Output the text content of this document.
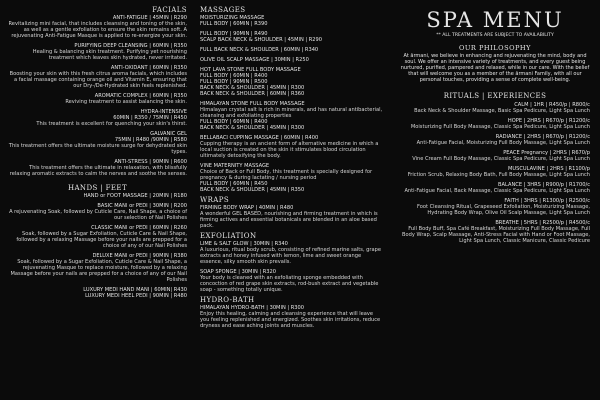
FACIALS
ANTI-FATIGUE | 45MIN | R290
Revitalizing mini facial, that includes cleansing and toning of the skin, as well as a gentle exfoliation to ensure the skin remains soft. A rejuvenating Anti-Fatigue Masque is applied to re-energize your skin.
PURIFYING DEEP CLEANSING | 60MIN | R350
Healing & balancing skin treatment. Purifying yet nourishing treatment which leaves skin hydrated, never irritated.
ANTI-OXIDANT | 60MIN | R350
Boosting your skin with this fresh citrus aroma facials, which includes a facial massage containing orange oil and Vitamin E, ensuring that our Dry-/De-Hydrated skin feels replenished.
AROMATIC COMPLEX | 60MIN | R350
Reviving treatment to assist balancing the skin.
HYDRA-INTENSIVE
60MIN | R350 / 75MIN | R450
This treatment is excellent for quenching your skin's thirst.
GALVANIC GEL
75MIN | R480 /90MIN | R580
This treatment offers the ultimate moisture surge for dehydrated skin types.
ANTI-STRESS | 90MIN | R600
This treatment offers the ultimate in relaxation, with blissfully relaxing aromatic extracts to calm the nerves and soothe the senses.
HANDS | FEET
HAND or FOOT MASSAGE | 20MIN | R180
BASIC MANI or PEDI | 30MIN | R200
A rejuvenating Soak, followed by Cuticle Care, Nail Shape, a choice of our selection of Nail Polishes
CLASSIC MANI or PEDI | 60MIN | R260
Soak, followed by a Sugar Exfoliation, Cuticle Care & Nail Shape, followed by a relaxing Massage before your nails are prepped for a choice of any of our Nail Polishes
DELUXE MANI or PEDI | 90MIN | R380
Soak, followed by a Sugar Exfoliation, Cuticle Care & Nail Shape, a rejuvenating Masque to replace moisture, followed by a relaxing Massage before your nails are prepped for a choice of any of our Nail Polishes
LUXURY MEDI HAND MANI | 60MIN| R430
LUXURY MEDI HEEL PEDI | 90MIN | R480
MASSAGES
MOISTURIZING MASSAGE
FULL BODY | 60MIN | R390
FULL BODY | 90MIN | R490
SCALP BACK NECK & SHOULDER | 45MIN | R290
FULL BACK NECK & SHOULDER | 60MIN | R340
OLIVE OIL SCALP MASSAGE | 30MIN | R250
HOT LAVA STONE FULL BODY MASSAGE
FULL BODY | 60MIN | R400
FULL BODY | 90MIN | R500
BACK NECK & SHOULDER | 45MIN | R300
BACK NECK & SHOULDER | 60MIN | R360
HIMALAYAN STONE FULL BODY MASSAGE
Himalayan crystal salt is rich in minerals, and has natural antibacterial, cleansing and exfoliating properties
FULL BODY | 60MIN | R400
BACK NECK & SHOULDER | 45MIN | R300
BELLABACI CUPPING MASSAGE | 60MIN | R400
Cupping therapy is an ancient form of alternative medicine in which a local suction is created on the skin it stimulates blood circulation ultimately detoxifying the body.
VINE MATERNITY MASSAGE
Choice of Back or Full Body, this treatment is specially designed for pregnancy & during lactating / nursing period
FULL BODY | 60MIN | R450
BACK NECK & SHOULDER | 45MIN | R350
WRAPS
FIRMING BODY WRAP | 40MIN | R480
A wonderful GEL BASED, nourishing and firming treatment in which is firming actives and essential botanicals are blended in an aloe based pack.
EXFOLIATION
LIME & SALT GLOW | 30MIN | R340
A luxurious, ritual body scrub, consisting of refined marine salts, grape extracts and honey infused with lemon, lime and sweet orange essence, silky smooth skin prevails.
SOAP SPONGE | 30MIN | R320
Your body is cleaned with an exfoliating sponge embedded with concoction of red grape skin extracts, rod-bush extract and vegetable soap - something totally unique.
HYDRO-BATH
HIMALAYAN HYDRO-BATH | 30MIN | R300
Enjoy this healing, calming and cleansing experience that will leave you feeling replenished and energized. Soothes skin irritations, reduce dryness and ease aching joints and muscles.
SPA MENU
** ALL TREATMENTS ARE SUBJECT TO AVAILABILITY
OUR PHILOSOPHY
At ārmani, we believe in enhancing and rejuvenating the mind, body and soul. We offer an intensive variety of treatments, and every guest being nurtured, purified, pampered and relaxed, while in our care. With the belief that will welcome you as a member of the ārmani Family, with all our personal touches, providing a sense of complete well-being.
RITUALS | EXPERIENCES
CALM | 1HR | R450/p | R800/c
Back Neck & Shoulder Massage, Basic Spa Pedicure, Light Spa Lunch
HOPE | 2HRS | R670/p | R1200/c
Moisturizing Full Body Massage, Classic Spa Pedicure, Light Spa Lunch
RADIANCE | 2HRS | R670/p | R1200/c
Anti-Fatigue Facial, Moisturizing Full Body Massage, Light Spa Lunch
PEACE Pregnancy | 2HRS | R670/p
Vine Cream Full Body Massage, Classic Spa Pedicure, Light Spa Lunch
MUSCULAVINE | 2HRS | R1100/p
Friction Scrub, Relaxing Body Bath, Full Body Massage, Light Spa Lunch
BALANCE | 3HRS | R900/p | R1700/c
Anti-Fatigue Facial, Back Massage, Classic Spa Pedicure, Light Spa Lunch
FAITH | 3HRS | R1300/p | R2500/c
Foot Cleansing Ritual, Grapeseed Exfoliation, Moisturizing Massage, Hydrating Body Wrap, Olive Oil Scalp Massage, Light Spa Lunch
BREATHE | 5HRS | R2500/p | R4500/c
Full Body Buff, Spa Café Breakfast, Moisturizing Full Body Massage, Full Body Wrap, Scalp Massage, Anti-Stress Facial with Hand or Foot Massage, Light Spa Lunch, Classic Manicure, Classic Pedicure
